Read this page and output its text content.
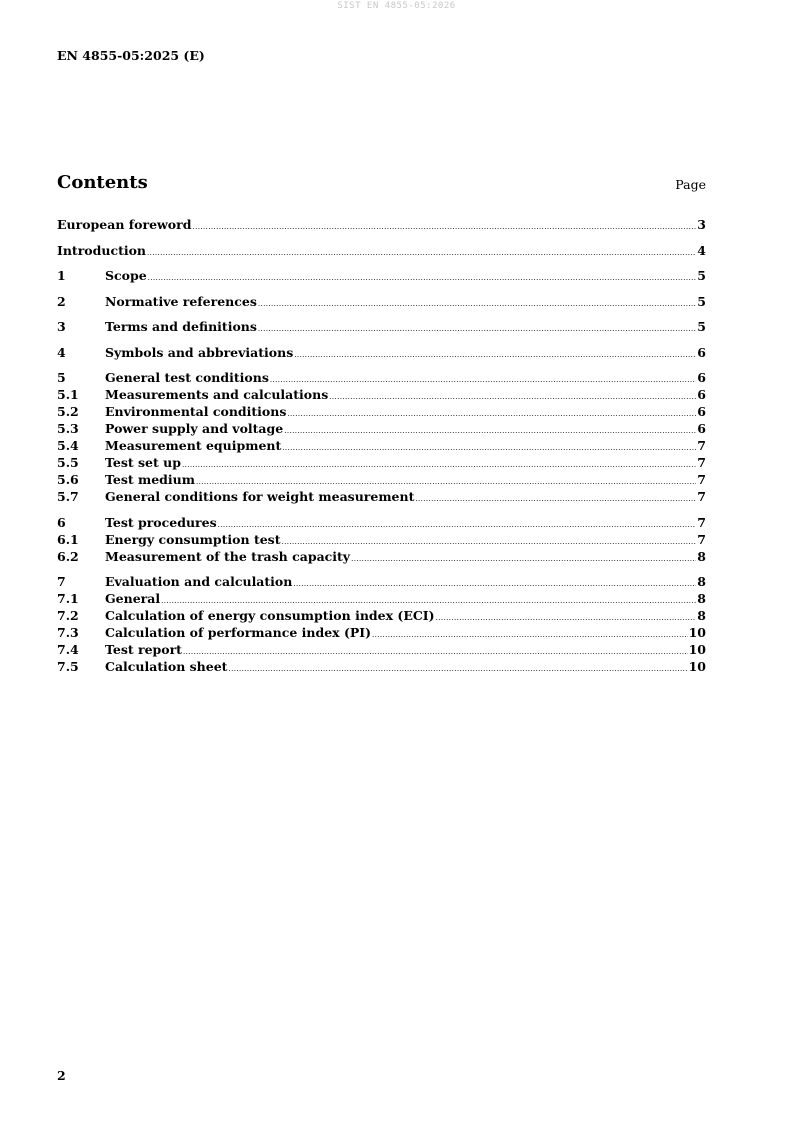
SIST EN 4855-05:2026
EN 4855-05:2025 (E)
Contents	Page
European foreword .....	3
Introduction .....	4
1	Scope .....	5
2	Normative references .....	5
3	Terms and definitions .....	5
4	Symbols and abbreviations .....	6
5	General test conditions .....	6
5.1	Measurements and calculations .....	6
5.2	Environmental conditions .....	6
5.3	Power supply and voltage .....	6
5.4	Measurement equipment .....	7
5.5	Test set up .....	7
5.6	Test medium .....	7
5.7	General conditions for weight measurement .....	7
6	Test procedures .....	7
6.1	Energy consumption test .....	7
6.2	Measurement of the trash capacity .....	8
7	Evaluation and calculation .....	8
7.1	General .....	8
7.2	Calculation of energy consumption index (ECI) .....	8
7.3	Calculation of performance index (PI) .....	10
7.4	Test report .....	10
7.5	Calculation sheet .....	10
2
